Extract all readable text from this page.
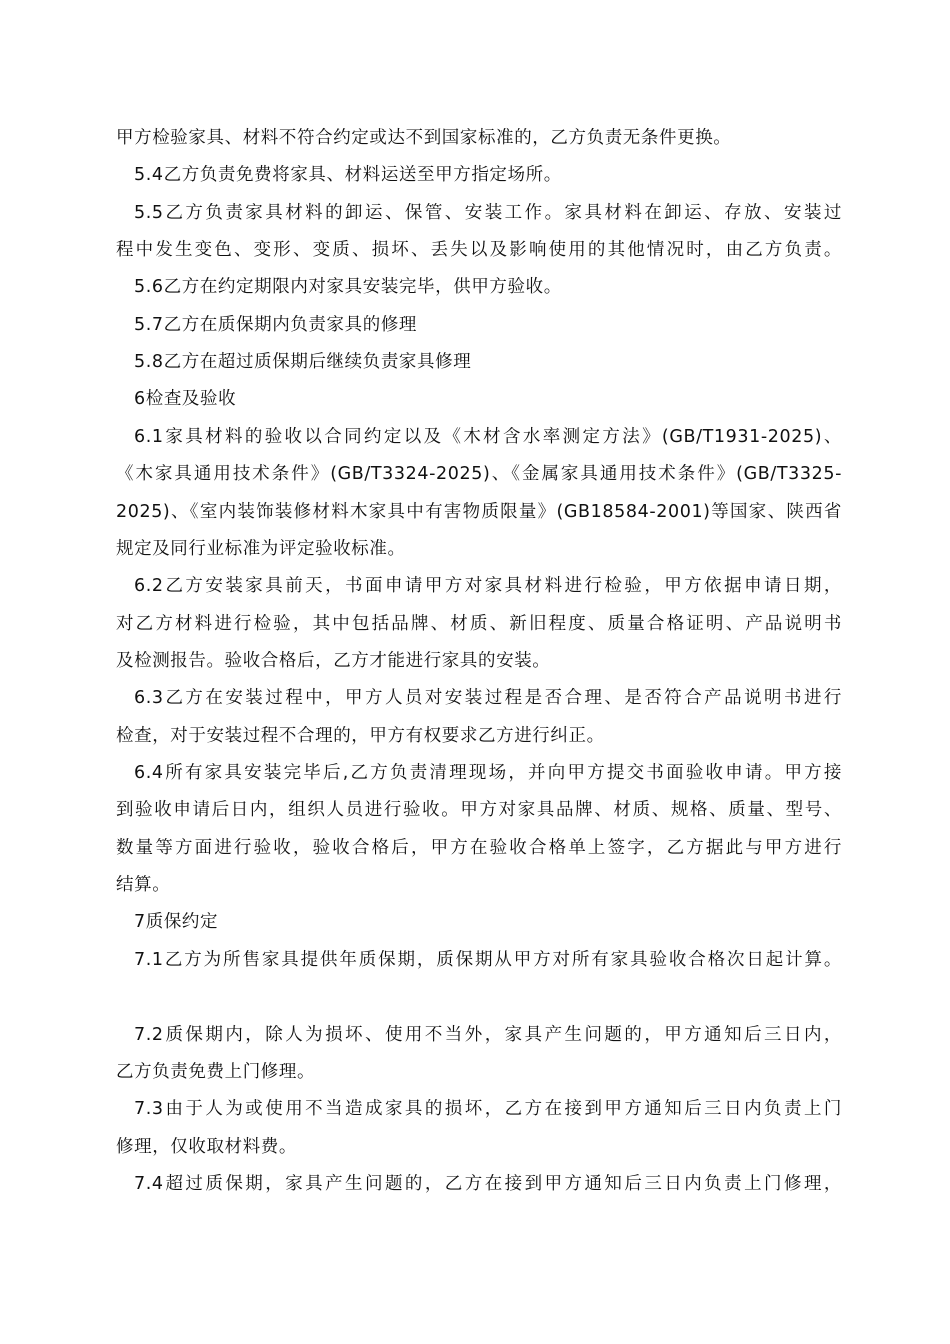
甲方检验家具、材料不符合约定或达不到国家标准的，乙方负责无条件更换。
5.4乙方负责免费将家具、材料运送至甲方指定场所。
5.5乙方负责家具材料的卸运、保管、安装工作。家具材料在卸运、存放、安装过
程中发生变色、变形、变质、损坏、丢失以及影响使用的其他情况时，由乙方负责。
5.6乙方在约定期限内对家具安装完毕，供甲方验收。
5.7乙方在质保期内负责家具的修理
5.8乙方在超过质保期后继续负责家具修理
6检查及验收
6.1家具材料的验收以合同约定以及《木材含水率测定方法》(GB/T1931-2025)、
《木家具通用技术条件》(GB/T3324-2025)、《金属家具通用技术条件》(GB/T3325-
2025)、《室内装饰装修材料木家具中有害物质限量》(GB18584-2001)等国家、陕西省
规定及同行业标准为评定验收标准。
6.2乙方安装家具前天，书面申请甲方对家具材料进行检验，甲方依据申请日期，
对乙方材料进行检验，其中包括品牌、材质、新旧程度、质量合格证明、产品说明书
及检测报告。验收合格后，乙方才能进行家具的安装。
6.3乙方在安装过程中，甲方人员对安装过程是否合理、是否符合产品说明书进行
检查，对于安装过程不合理的，甲方有权要求乙方进行纠正。
6.4所有家具安装完毕后,乙方负责清理现场，并向甲方提交书面验收申请。甲方接
到验收申请后日内，组织人员进行验收。甲方对家具品牌、材质、规格、质量、型号、
数量等方面进行验收，验收合格后，甲方在验收合格单上签字，乙方据此与甲方进行
结算。
7质保约定
7.1乙方为所售家具提供年质保期，质保期从甲方对所有家具验收合格次日起计算。
7.2质保期内，除人为损坏、使用不当外，家具产生问题的，甲方通知后三日内，
乙方负责免费上门修理。
7.3由于人为或使用不当造成家具的损坏，乙方在接到甲方通知后三日内负责上门
修理，仅收取材料费。
7.4超过质保期，家具产生问题的，乙方在接到甲方通知后三日内负责上门修理，
